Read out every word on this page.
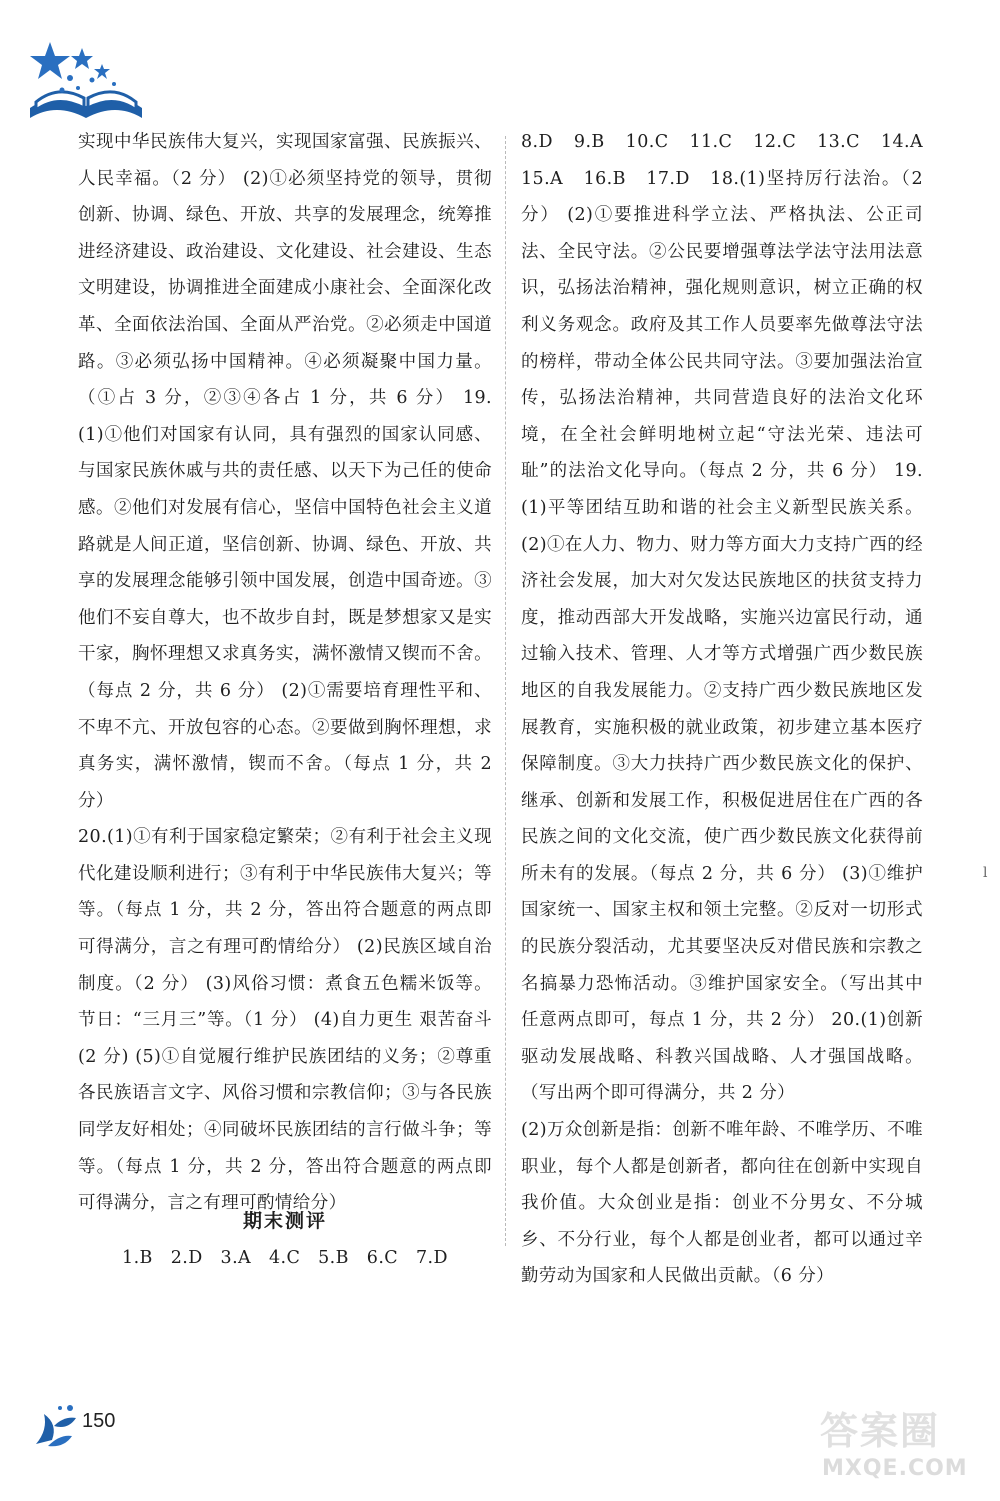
实现中华民族伟大复兴，实现国家富强、民族振兴、人民幸福。（2 分） (2)①必须坚持党的领导，贯彻创新、协调、绿色、开放、共享的发展理念，统筹推进经济建设、政治建设、文化建设、社会建设、生态文明建设，协调推进全面建成小康社会、全面深化改革、全面依法治国、全面从严治党。②必须走中国道路。③必须弘扬中国精神。④必须凝聚中国力量。（①占 3 分，②③④各占 1 分，共 6 分） 19.(1)①他们对国家有认同，具有强烈的国家认同感、与国家民族休戚与共的责任感、以天下为己任的使命感。②他们对发展有信心，坚信中国特色社会主义道路就是人间正道，坚信创新、协调、绿色、开放、共享的发展理念能够引领中国发展，创造中国奇迹。③他们不妄自尊大，也不故步自封，既是梦想家又是实干家，胸怀理想又求真务实，满怀激情又锲而不舍。（每点 2 分，共 6 分） (2)①需要培育理性平和、不卑不亢、开放包容的心态。②要做到胸怀理想，求真务实，满怀激情，锲而不舍。（每点 1 分，共 2 分）

20.(1)①有利于国家稳定繁荣；②有利于社会主义现代化建设顺利进行；③有利于中华民族伟大复兴；等等。（每点 1 分，共 2 分，答出符合题意的两点即可得满分，言之有理可酌情给分） (2)民族区域自治制度。（2 分） (3)风俗习惯：煮食五色糯米饭等。节日：“三月三”等。（1 分） (4)自力更生 艰苦奋斗(2 分) (5)①自觉履行维护民族团结的义务；②尊重各民族语言文字、风俗习惯和宗教信仰；③与各民族同学友好相处；④同破坏民族团结的言行做斗争；等等。（每点 1 分，共 2 分，答出符合题意的两点即可得满分，言之有理可酌情给分）

期末测评
1.B　2.D　3.A　4.C　5.B　6.C　7.D

8.D　9.B　10.C　11.C　12.C　13.C　14.A　15.A　16.B　17.D　18.(1)坚持厉行法治。（2 分） (2)①要推进科学立法、严格执法、公正司法、全民守法。②公民要增强尊法学法守法用法意识，弘扬法治精神，强化规则意识，树立正确的权利义务观念。政府及其工作人员要率先做尊法守法的榜样，带动全体公民共同守法。③要加强法治宣传，弘扬法治精神，共同营造良好的法治文化环境，在全社会鲜明地树立起“守法光荣、违法可耻”的法治文化导向。（每点 2 分，共 6 分） 19.(1)平等团结互助和谐的社会主义新型民族关系。 (2)①在人力、物力、财力等方面大力支持广西的经济社会发展，加大对欠发达民族地区的扶贫支持力度，推动西部大开发战略，实施兴边富民行动，通过输入技术、管理、人才等方式增强广西少数民族地区的自我发展能力。②支持广西少数民族地区发展教育，实施积极的就业政策，初步建立基本医疗保障制度。③大力扶持广西少数民族文化的保护、继承、创新和发展工作，积极促进居住在广西的各民族之间的文化交流，使广西少数民族文化获得前所未有的发展。（每点 2 分，共 6 分） (3)①维护国家统一、国家主权和领土完整。②反对一切形式的民族分裂活动，尤其要坚决反对借民族和宗教之名搞暴力恐怖活动。③维护国家安全。（写出其中任意两点即可，每点 1 分，共 2 分） 20.(1)创新驱动发展战略、科教兴国战略、人才强国战略。（写出两个即可得满分，共 2 分）

(2)万众创新是指：创新不唯年龄、不唯学历、不唯职业，每个人都是创新者，都向往在创新中实现自我价值。大众创业是指：创业不分男女、不分城乡、不分行业，每个人都是创业者，都可以通过辛勤劳动为国家和人民做出贡献。（6 分）

l
150	答案圈
MXQE.COM
